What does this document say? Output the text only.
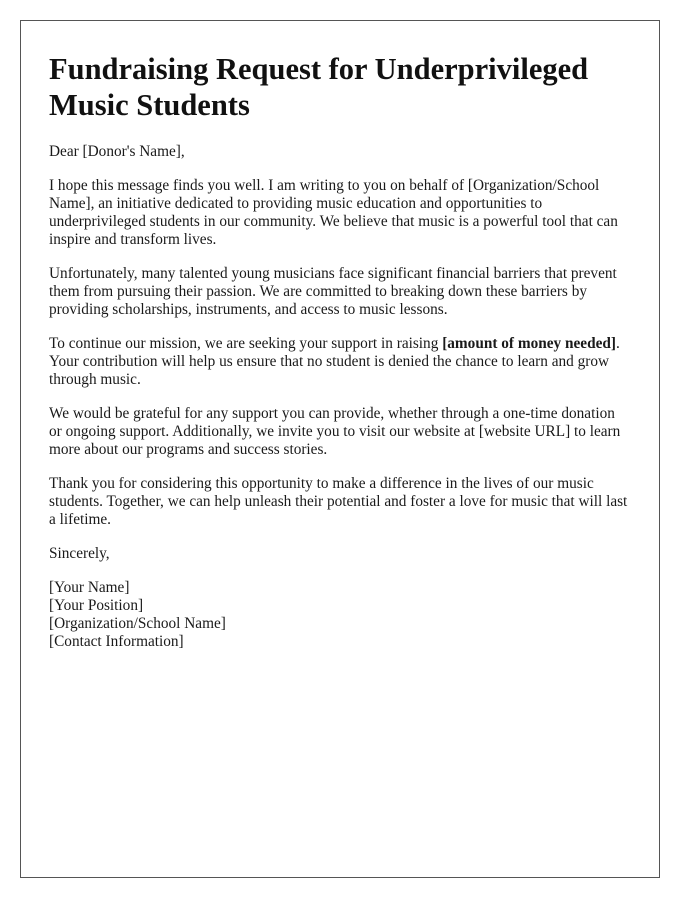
Fundraising Request for Underprivileged Music Students

Dear [Donor's Name],

I hope this message finds you well. I am writing to you on behalf of [Organization/School Name], an initiative dedicated to providing music education and opportunities to underprivileged students in our community. We believe that music is a powerful tool that can inspire and transform lives.

Unfortunately, many talented young musicians face significant financial barriers that prevent them from pursuing their passion. We are committed to breaking down these barriers by providing scholarships, instruments, and access to music lessons.

To continue our mission, we are seeking your support in raising [amount of money needed]. Your contribution will help us ensure that no student is denied the chance to learn and grow through music.

We would be grateful for any support you can provide, whether through a one-time donation or ongoing support. Additionally, we invite you to visit our website at [website URL] to learn more about our programs and success stories.

Thank you for considering this opportunity to make a difference in the lives of our music students. Together, we can help unleash their potential and foster a love for music that will last a lifetime.

Sincerely,

[Your Name]

[Your Position]

[Organization/School Name]

[Contact Information]
